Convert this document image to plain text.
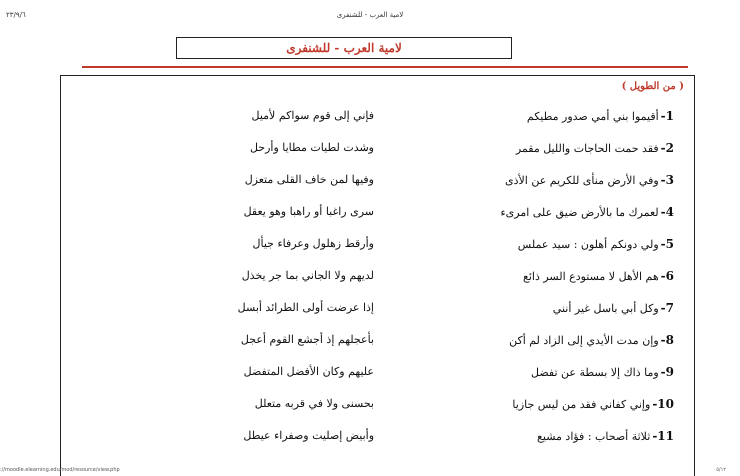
٢٣/٩/٦	لامية العرب - للشنفرى
لامية العرب - للشنفرى
( من الطويل )
1-أقيموا بني أمي صدور مطيكم
فإني إلى قوم سواكم لأميل
2-فقد حمت الحاجات والليل مقمر
وشدت لطيات مطايا وأرحل
3-وفي الأرض منأى للكريم عن الأذى
وفيها لمن خاف القلى متعزل
4-لعمرك ما بالأرض ضيق على امرىء
سرى راغبا أو راهبا وهو يعقل
5-ولي دونكم أهلون : سيد عملس
وأرقط زهلول وعرفاء جيأل
6-هم الأهل لا مستودع السر ذائع
لديهم ولا الجاني بما جر يخذل
7-وكل أبي باسل غير أنني
إذا عرضت أولى الطرائد أبسل
8-وإن مدت الأيدي إلى الزاد لم أكن
بأعجلهم إذ أجشع القوم أعجل
9-وما ذاك إلا بسطة عن تفضل
عليهم وكان الأفضل المتفضل
10-وإني كفاني فقد من ليس جازيا
بحسنى ولا في قربه متعلل
11-ثلاثة أصحاب : فؤاد مشيع
وأبيض إصليت وصفراء عيطل
://moodle.elearning.edu/mod/resource/view.php	٥/١٢
